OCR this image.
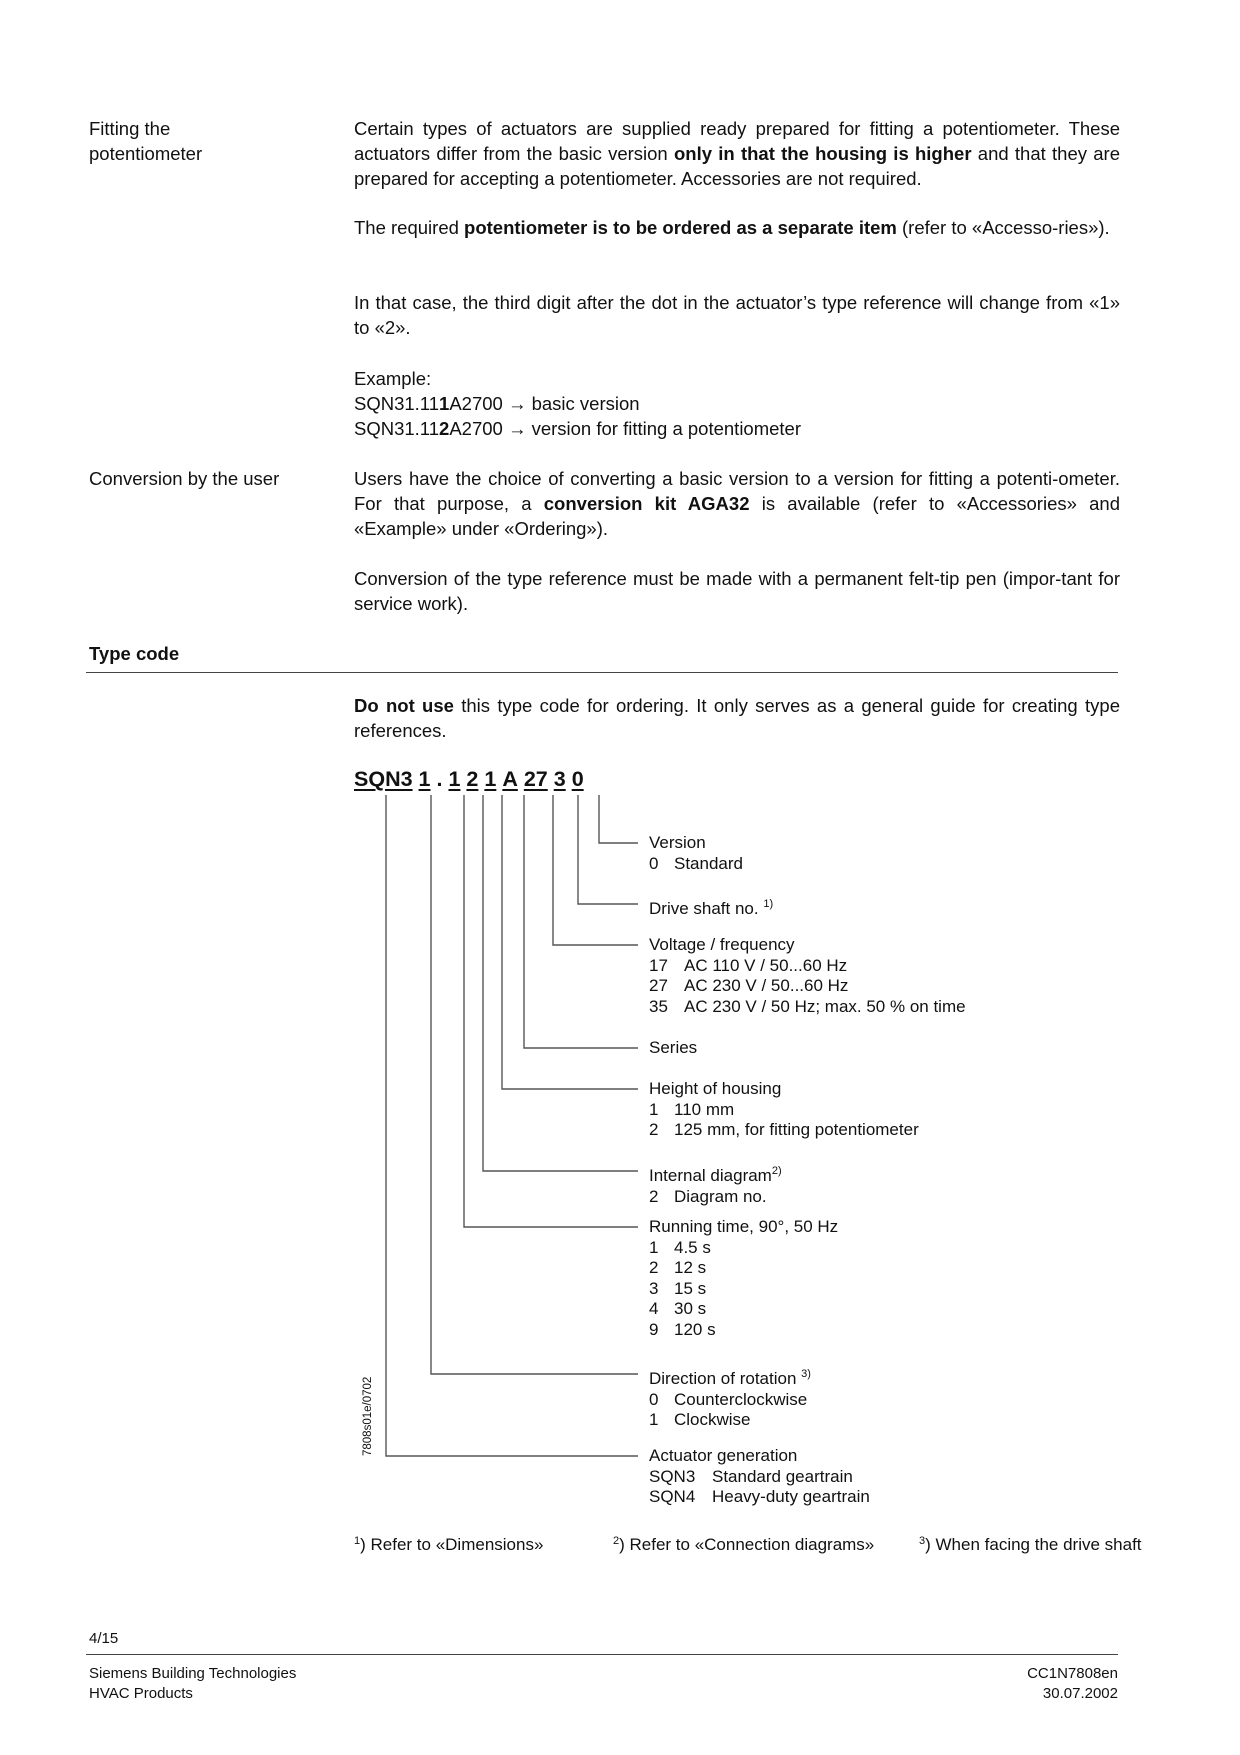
Fitting the
potentiometer
Certain types of actuators are supplied ready prepared for fitting a potentiometer. These actuators differ from the basic version only in that the housing is higher and that they are prepared for accepting a potentiometer. Accessories are not required.
The required potentiometer is to be ordered as a separate item (refer to «Accesso-ries»).
In that case, the third digit after the dot in the actuator’s type reference will change from «1» to «2».
Example:
SQN31.111A2700 → basic version
SQN31.112A2700 → version for fitting a potentiometer
Conversion by the user	Users have the choice of converting a basic version to a version for fitting a potenti-ometer. For that purpose, a conversion kit AGA32 is available (refer to «Accessories» and «Example» under «Ordering»).
Conversion of the type reference must be made with a permanent felt-tip pen (impor-tant for service work).
Type code
Do not use this type code for ordering. It only serves as a general guide for creating type references.
SQN3 1 . 1 2 1 A 27 3 0
7808s01e/0702
Version
0 Standard
Drive shaft no. $^{1)}$
Voltage / frequency
17 AC 110 V / 50...60 Hz
27 AC 230 V / 50...60 Hz
35 AC 230 V / 50 Hz; max. 50 % on time
Series
Height of housing
1 110 mm
2 125 mm, for fitting potentiometer
Internal diagram$^{2)}$
2 Diagram no.
Running time, 90°, 50 Hz
1 4.5 s
2 12 s
3 15 s
4 30 s
9 120 s
Direction of rotation $^{3)}$
0 Counterclockwise
1 Clockwise
Actuator generation
SQN3 Standard geartrain
SQN4 Heavy-duty geartrain
$^1$) Refer to «Dimensions»	$^2$) Refer to «Connection diagrams»	$^3$) When facing the drive shaft
4/15
Siemens Building Technologies
HVAC Products
CC1N7808en
30.07.2002
